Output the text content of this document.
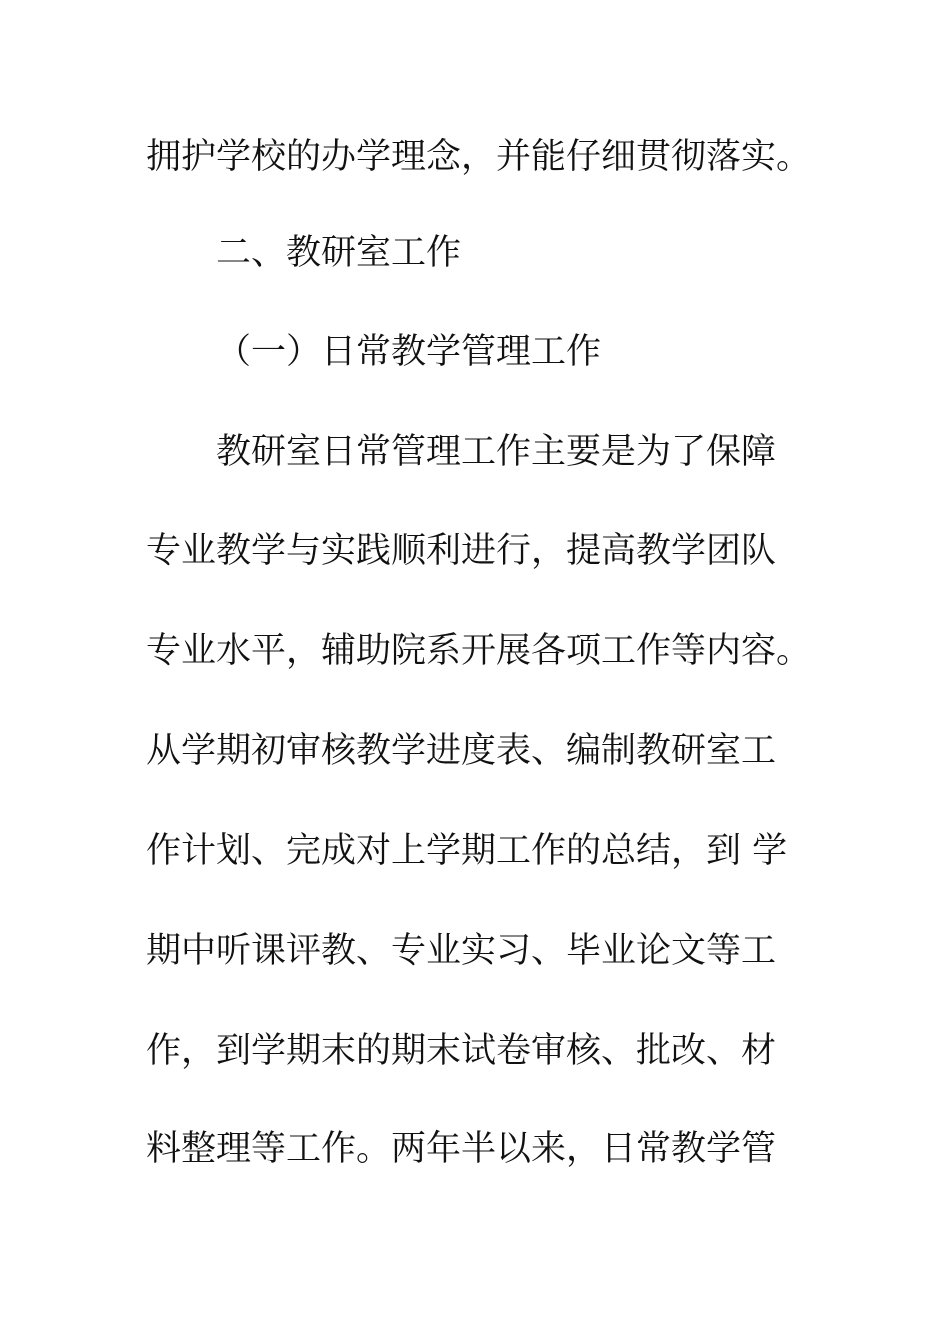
拥护学校的办学理念，并能仔细贯彻落实。
二、教研室工作
（一）日常教学管理工作
教研室日常管理工作主要是为了保障
专业教学与实践顺利进行，提高教学团队
专业水平，辅助院系开展各项工作等内容。
从学期初审核教学进度表、编制教研室工
作计划、完成对上学期工作的总结，到 学
期中听课评教、专业实习、毕业论文等工
作，到学期末的期末试卷审核、批改、材
料整理等工作。两年半以来，日常教学管
